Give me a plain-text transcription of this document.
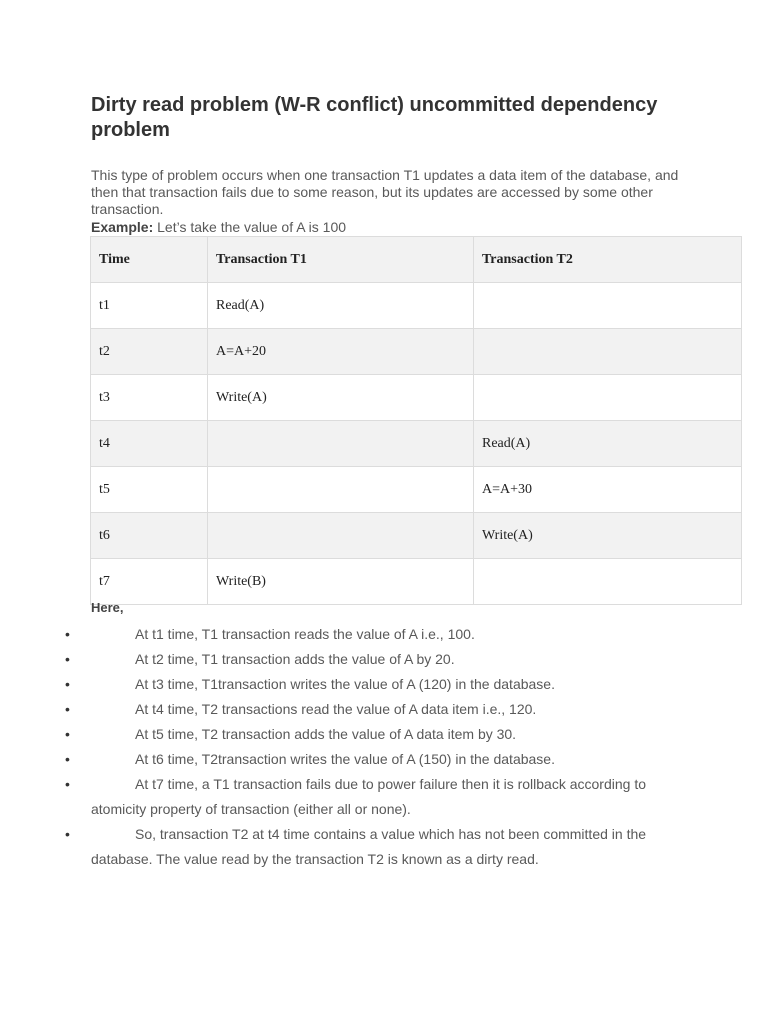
Dirty read problem (W-R conflict) uncommitted dependency problem

This type of problem occurs when one transaction T1 updates a data item of the database, and then that transaction fails due to some reason, but its updates are accessed by some other transaction.

Example: Let’s take the value of A is 100

Time	Transaction T1	Transaction T2
t1	Read(A)	
t2	A=A+20	
t3	Write(A)	
t4		Read(A)
t5		A=A+30
t6		Write(A)
t7	Write(B)	

Here,

•	At t1 time, T1 transaction reads the value of A i.e., 100.
•	At t2 time, T1 transaction adds the value of A by 20.
•	At t3 time, T1transaction writes the value of A (120) in the database.
•	At t4 time, T2 transactions read the value of A data item i.e., 120.
•	At t5 time, T2 transaction adds the value of A data item by 30.
•	At t6 time, T2transaction writes the value of A (150) in the database.
•	At t7 time, a T1 transaction fails due to power failure then it is rollback according to atomicity property of transaction (either all or none).
•	So, transaction T2 at t4 time contains a value which has not been committed in the database. The value read by the transaction T2 is known as a dirty read.
